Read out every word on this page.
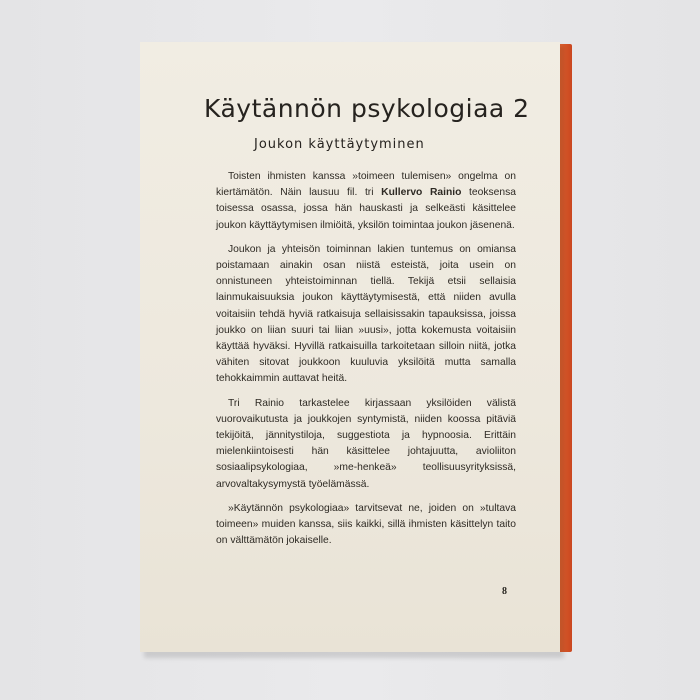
Käytännön psykologiaa 2
Joukon käyttäytyminen

Toisten ihmisten kanssa »toimeen tulemisen» ongelma on kiertämätön. Näin lausuu fil. tri Kullervo Rainio teoksensa toisessa osassa, jossa hän hauskasti ja selkeästi käsittelee joukon käyttäytymisen ilmiöitä, yksilön toimintaa joukon jäsenenä.

Joukon ja yhteisön toiminnan lakien tuntemus on omiansa poistamaan ainakin osan niistä esteistä, joita usein on onnistuneen yhteistoiminnan tiellä. Tekijä etsii sellaisia lainmukaisuuksia joukon käyttäytymisestä, että niiden avulla voitaisiin tehdä hyviä ratkaisuja sellaisissakin tapauksissa, joissa joukko on liian suuri tai liian »uusi», jotta kokemusta voitaisiin käyttää hyväksi. Hyvillä ratkaisuilla tarkoitetaan silloin niitä, jotka vähiten sitovat joukkoon kuuluvia yksilöitä mutta samalla tehokkaimmin auttavat heitä.

Tri Rainio tarkastelee kirjassaan yksilöiden välistä vuorovaikutusta ja joukkojen syntymistä, niiden koossa pitäviä tekijöitä, jännitystiloja, suggestiota ja hypnoosia. Erittäin mielenkiintoisesti hän käsittelee johtajuutta, avioliiton sosiaalipsykologiaa, »me-henkeä» teollisuusyrityksissä, arvovaltakysymystä työelämässä.

»Käytännön psykologiaa» tarvitsevat ne, joiden on »tultava toimeen» muiden kanssa, siis kaikki, sillä ihmisten käsittelyn taito on välttämätön jokaiselle.

8
